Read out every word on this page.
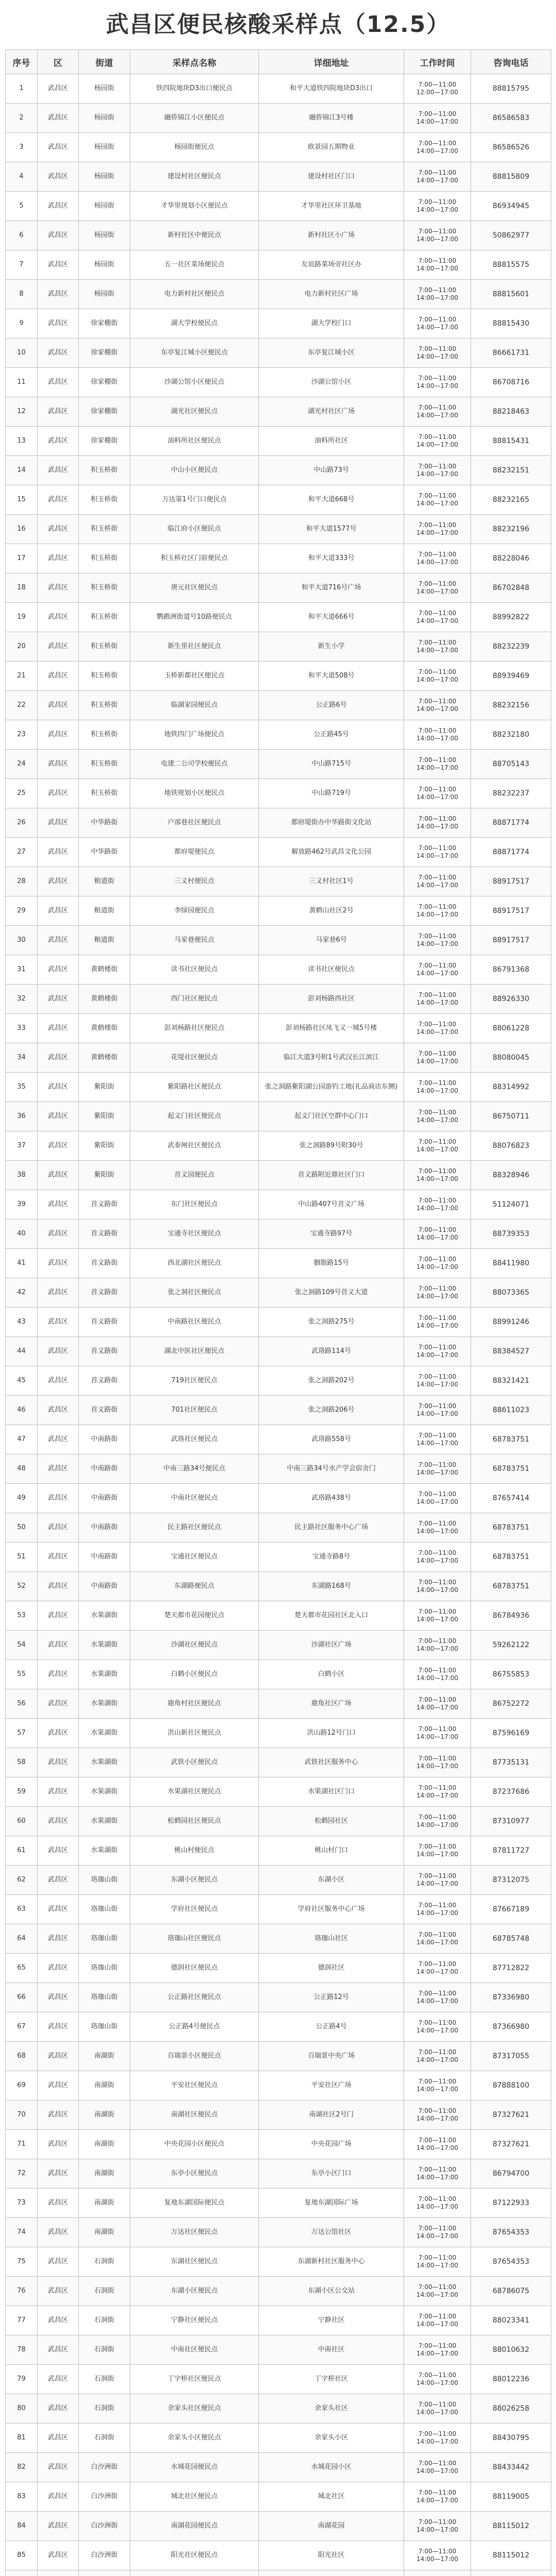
武昌区便民核酸采样点（12.5）
序号	区	街道	采样点名称	详细地址	工作时间	咨询电话
1	武昌区	杨园街	铁四院地块D3出口便民点	和平大道铁四院地块D3出口	7:00—11:00
12:00—17:00	88815795
2	武昌区	杨园街	融侨锦江小区便民点	融侨锦江3号楼	7:00—11:00
14:00—17:00	86586583
3	武昌区	杨园街	杨园街便民点	欧景园五期物业	7:00—11:00
14:00—17:00	86586526
4	武昌区	杨园街	建设村社区便民点	建设村社区门口	7:00—11:00
14:00—17:00	88815809
5	武昌区	杨园街	才华里规划小区便民点	才华里社区环卫基地	7:00—11:00
14:00—17:00	86934945
6	武昌区	杨园街	新村社区中便民点	新村社区小广场	7:00—11:00
14:00—17:00	50862977
7	武昌区	杨园街	五一社区菜场便民点	友谊路菜场旁社区办	7:00—11:00
14:00—17:00	88815575
8	武昌区	杨园街	电力新村社区便民点	电力新村社区广场	7:00—11:00
14:00—17:00	88815601
9	武昌区	徐家棚街	湖大学校便民点	湖大学校门口	7:00—11:00
14:00—17:00	88815430
10	武昌区	徐家棚街	东亭复江城小区便民点	东亭复江城小区	7:00—11:00
14:00—17:00	86661731
11	武昌区	徐家棚街	沙湖公馆小区便民点	沙湖公馆小区	7:00—11:00
14:00—17:00	86708716
12	武昌区	徐家棚街	湖光社区便民点	湖光村社区广场	7:00—11:00
14:00—17:00	88218463
13	武昌区	徐家棚街	油料所社区便民点	油料所社区	7:00—11:00
14:00—17:00	88815431
14	武昌区	积玉桥街	中山小区便民点	中山路73号	7:00—11:00
14:00—17:00	88232151
15	武昌区	积玉桥街	万达第1号门口便民点	和平大道668号	7:00—11:00
14:00—17:00	88232165
16	武昌区	积玉桥街	临江府小区便民点	和平大道1577号	7:00—11:00
14:00—17:00	88232196
17	武昌区	积玉桥街	积玉桥社区门前便民点	和平大道333号	7:00—11:00
14:00—17:00	88228046
18	武昌区	积玉桥街	唐元社区便民点	和平大道716号广场	7:00—11:00
14:00—17:00	86702848
19	武昌区	积玉桥街	鹦鹉洲街道号10路便民点	和平大道666号	7:00—11:00
14:00—17:00	88992822
20	武昌区	积玉桥街	新生里社区便民点	新生小学	7:00—11:00
14:00—17:00	88232239
21	武昌区	积玉桥街	玉桥新都社区便民点	和平大道508号	7:00—11:00
14:00—17:00	88939469
22	武昌区	积玉桥街	临湖家园便民点	公正路6号	7:00—11:00
14:00—17:00	88232156
23	武昌区	积玉桥街	地铁四门广场便民点	公正路45号	7:00—11:00
14:00—17:00	88232180
24	武昌区	积玉桥街	电建二公司学校便民点	中山路715号	7:00—11:00
14:00—17:00	88705143
25	武昌区	积玉桥街	地铁规划小区便民点	中山路719号	7:00—11:00
14:00—17:00	88232237
26	武昌区	中华路街	户部巷社区便民点	都府堤街办中华路街文化站	7:00—11:00
14:00—17:00	88871774
27	武昌区	中华路街	都府堤便民点	解放路462号武昌文化公园	7:00—11:00
14:00—17:00	88871774
28	武昌区	粮道街	三义村便民点	三义村社区1号	7:00—11:00
14:00—17:00	88917517
29	武昌区	粮道街	李绿园便民点	黄鹤山社区2号	7:00—11:00
14:00—17:00	88917517
30	武昌区	粮道街	马家巷便民点	马家巷6号	7:00—11:00
14:00—17:00	88917517
31	武昌区	黄鹤楼街	读书社区便民点	读书社区便民点	7:00—11:00
14:00—17:00	86791368
32	武昌区	黄鹤楼街	西门社区便民点	彭刘杨路西社区	7:00—11:00
14:00—17:00	88926330
33	武昌区	黄鹤楼街	彭刘杨路社区便民点	彭刘杨路社区凤飞又一城5号楼	7:00—11:00
14:00—17:00	88061228
34	武昌区	黄鹤楼街	花堤社区便民点	临江大道3号附1号武汉长江滨江	7:00—11:00
14:00—17:00	88080045
35	武昌区	紫阳街	紫阳路社区便民点	张之洞路紫阳湖公园游钓工地(礼品商店东侧)	7:00—11:00
14:00—17:00	88314992
36	武昌区	紫阳街	起义门社区便民点	起义门社区空群中心门口	7:00—11:00
14:00—17:00	86750711
37	武昌区	紫阳街	武泰闸社区便民点	张之洞路89号附30号	7:00—11:00
14:00—17:00	88076823
38	武昌区	紫阳街	首义园便民点	首义路附近鼎社区门口	7:00—11:00
14:00—17:00	88328946
39	武昌区	首义路街	东门社区便民点	中山路407号首义广场	7:00—11:00
14:00—17:00	51124071
40	武昌区	首义路街	宝通寺社区便民点	宝通寺路97号	7:00—11:00
14:00—17:00	88739353
41	武昌区	首义路街	西北湖社区便民点	胭脂路15号	7:00—11:00
14:00—17:00	88411980
42	武昌区	首义路街	张之洞社区便民点	张之洞路109号首义大道	7:00—11:00
14:00—17:00	88073365
43	武昌区	首义路街	中南路社区便民点	张之洞路275号	7:00—11:00
14:00—17:00	88991246
44	武昌区	首义路街	湖北中医社区便民点	武珞路114号	7:00—11:00
14:00—17:00	88384527
45	武昌区	首义路街	719社区便民点	张之洞路202号	7:00—11:00
14:00—17:00	88321421
46	武昌区	首义路街	701社区便民点	张之洞路206号	7:00—11:00
14:00—17:00	88611023
47	武昌区	中南路街	武珞社区便民点	武珞路558号	7:00—11:00
14:00—17:00	68783751
48	武昌区	中南路街	中南三路34号便民点	中南三路34号水产学会宿舍门	7:00—11:00
14:00—17:00	68783751
49	武昌区	中南路街	中南社区便民点	武珞路438号	7:00—11:00
14:00—17:00	87657414
50	武昌区	中南路街	民主路社区便民点	民主路社区服务中心广场	7:00—11:00
14:00—17:00	68783751
51	武昌区	中南路街	宝通社区便民点	宝通寺路8号	7:00—11:00
14:00—17:00	68783751
52	武昌区	中南路街	东湖路便民点	东湖路168号	7:00—11:00
14:00—17:00	68783751
53	武昌区	水果湖街	楚天都市花园便民点	楚天都市花园社区北入口	7:00—11:00
14:00—17:00	86784936
54	武昌区	水果湖街	沙湖社区便民点	沙湖社区广场	7:00—11:00
14:00—17:00	59262122
55	武昌区	水果湖街	白鹤小区便民点	白鹤小区	7:00—11:00
14:00—17:00	86755853
56	武昌区	水果湖街	鹿角村社区便民点	鹿角社区广场	7:00—11:00
14:00—17:00	86752272
57	武昌区	水果湖街	洪山新社区便民点	洪山路12号门口	7:00—11:00
14:00—17:00	87596169
58	武昌区	水果湖街	武铁小区便民点	武铁社区服务中心	7:00—11:00
14:00—17:00	87735131
59	武昌区	水果湖街	水果湖社区便民点	水果湖社区门口	7:00—11:00
14:00—17:00	87237686
60	武昌区	水果湖街	松鹤园社区便民点	松鹤园社区	7:00—11:00
14:00—17:00	87310977
61	武昌区	水果湖街	桃山村便民点	桃山村门口	7:00—11:00
14:00—17:00	87811727
62	武昌区	珞珈山街	东湖小区便民点	东湖小区	7:00—11:00
14:00—17:00	87312075
63	武昌区	珞珈山街	学府社区便民点	学府社区服务中心广场	7:00—11:00
14:00—17:00	87667189
64	武昌区	珞珈山街	珞珈山社区便民点	珞珈山社区	7:00—11:00
14:00—17:00	68785748
65	武昌区	珞珈山街	德润社区便民点	德润社区	7:00—11:00
14:00—17:00	87712822
66	武昌区	珞珈山街	公正路社区便民点	公正路12号	7:00—11:00
14:00—17:00	87336980
67	武昌区	珞珈山街	公正路4号便民点	公正路4号	7:00—11:00
14:00—17:00	87366980
68	武昌区	南湖街	百瑞景小区便民点	百瑞景中央广场	7:00—11:00
14:00—17:00	87317055
69	武昌区	南湖街	平安社区便民点	平安社区广场	7:00—11:00
14:00—17:00	87888100
70	武昌区	南湖街	南湖社区便民点	南湖社区2号门	7:00—11:00
14:00—17:00	87327621
71	武昌区	南湖街	中央花园小区便民点	中央花园广场	7:00—11:00
14:00—17:00	87327621
72	武昌区	南湖街	东亭小区便民点	东亭小区门口	7:00—11:00
14:00—17:00	86794700
73	武昌区	南湖街	复地东湖国际便民点	复地东湖国际广场	7:00—11:00
14:00—17:00	87122933
74	武昌区	南湖街	万达社区便民点	万达公馆社区	7:00—11:00
14:00—17:00	87654353
75	武昌区	石洞街	东湖社区便民点	东湖新村社区服务中心	7:00—11:00
14:00—17:00	87654353
76	武昌区	石洞街	东湖小区便民点	东湖小区公交站	7:00—11:00
14:00—17:00	68786075
77	武昌区	石洞街	宁静社区便民点	宁静社区	7:00—11:00
14:00—17:00	88023341
78	武昌区	石洞街	中南社区便民点	中南社区	7:00—11:00
14:00—17:00	88010632
79	武昌区	石洞街	丁字桥社区便民点	丁字桥社区	7:00—11:00
14:00—17:00	88012236
80	武昌区	石洞街	余家头社区便民点	余家头社区	7:00—11:00
14:00—17:00	88026258
81	武昌区	石洞街	余家头小区便民点	余家头小区	7:00—11:00
14:00—17:00	88430795
82	武昌区	白沙洲街	水城花园便民点	水城花园小区	7:00—11:00
14:00—17:00	88433442
83	武昌区	白沙洲街	城北社区便民点	城北社区	7:00—11:00
14:00—17:00	88119005
84	武昌区	白沙洲街	南湖花园便民点	南湖花园	7:00—11:00
14:00—17:00	88115012
85	武昌区	白沙洲街	阳光社区便民点	阳光社区	7:00—11:00
14:00—17:00	88115012
